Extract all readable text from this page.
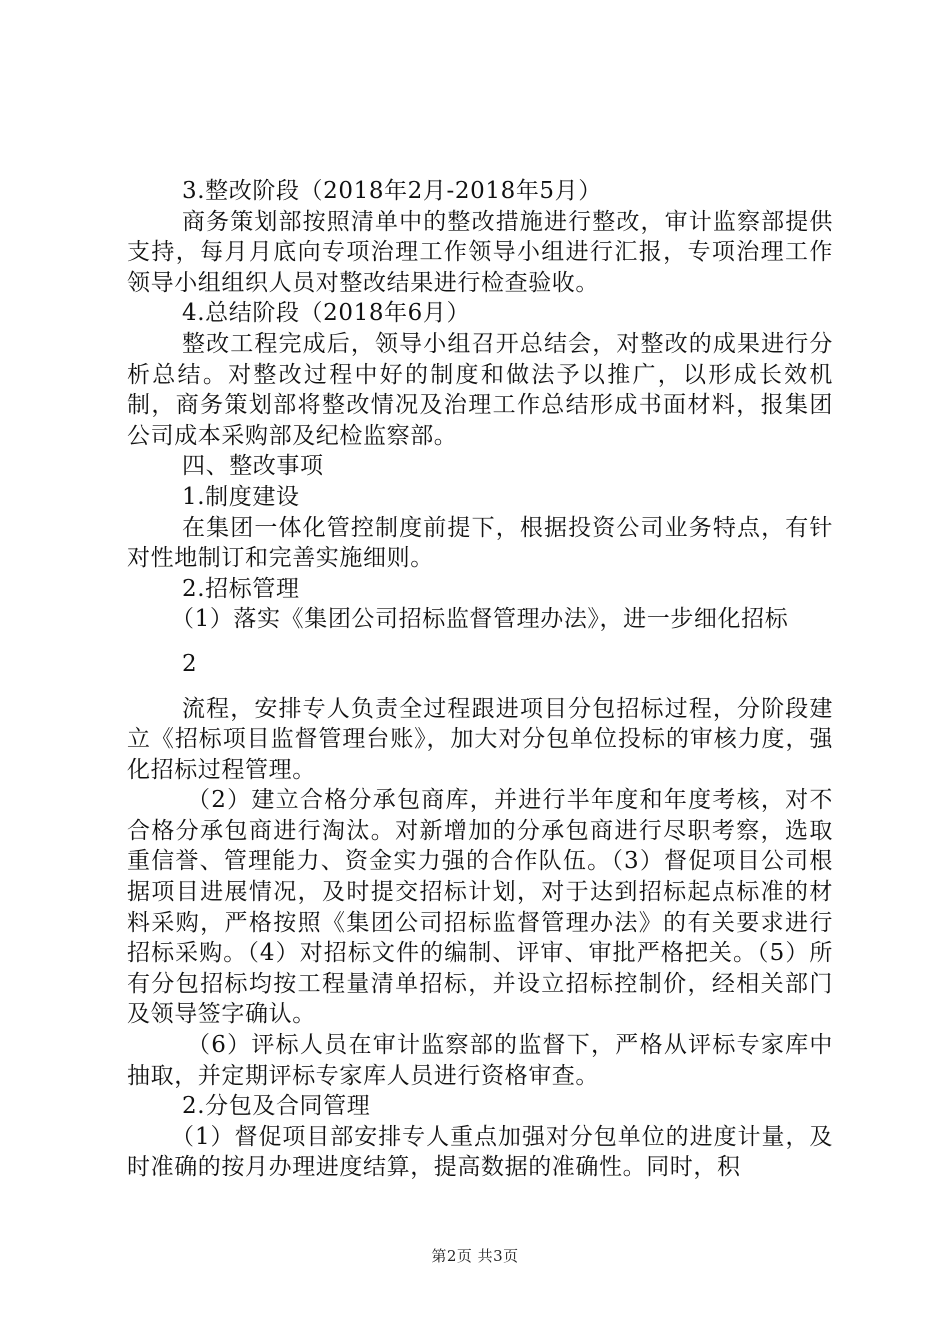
3.整改阶段（2018年2月-2018年5月）

商务策划部按照清单中的整改措施进行整改，审计监察部提供支持，每月月底向专项治理工作领导小组进行汇报，专项治理工作领导小组组织人员对整改结果进行检查验收。

4.总结阶段（2018年6月）

整改工程完成后，领导小组召开总结会，对整改的成果进行分析总结。对整改过程中好的制度和做法予以推广，以形成长效机制，商务策划部将整改情况及治理工作总结形成书面材料，报集团公司成本采购部及纪检监察部。

四、整改事项

1.制度建设

在集团一体化管控制度前提下，根据投资公司业务特点，有针对性地制订和完善实施细则。

2.招标管理

（1）落实《集团公司招标监督管理办法》，进一步细化招标

2

流程，安排专人负责全过程跟进项目分包招标过程，分阶段建立《招标项目监督管理台账》，加大对分包单位投标的审核力度，强化招标过程管理。

（2）建立合格分承包商库，并进行半年度和年度考核，对不合格分承包商进行淘汰。对新增加的分承包商进行尽职考察，选取重信誉、管理能力、资金实力强的合作队伍。（3）督促项目公司根据项目进展情况，及时提交招标计划，对于达到招标起点标准的材料采购，严格按照《集团公司招标监督管理办法》的有关要求进行招标采购。（4）对招标文件的编制、评审、审批严格把关。（5）所有分包招标均按工程量清单招标，并设立招标控制价，经相关部门及领导签字确认。

（6）评标人员在审计监察部的监督下，严格从评标专家库中抽取，并定期评标专家库人员进行资格审查。

2.分包及合同管理

（1）督促项目部安排专人重点加强对分包单位的进度计量，及时准确的按月办理进度结算，提高数据的准确性。同时，积

第2页 共3页
